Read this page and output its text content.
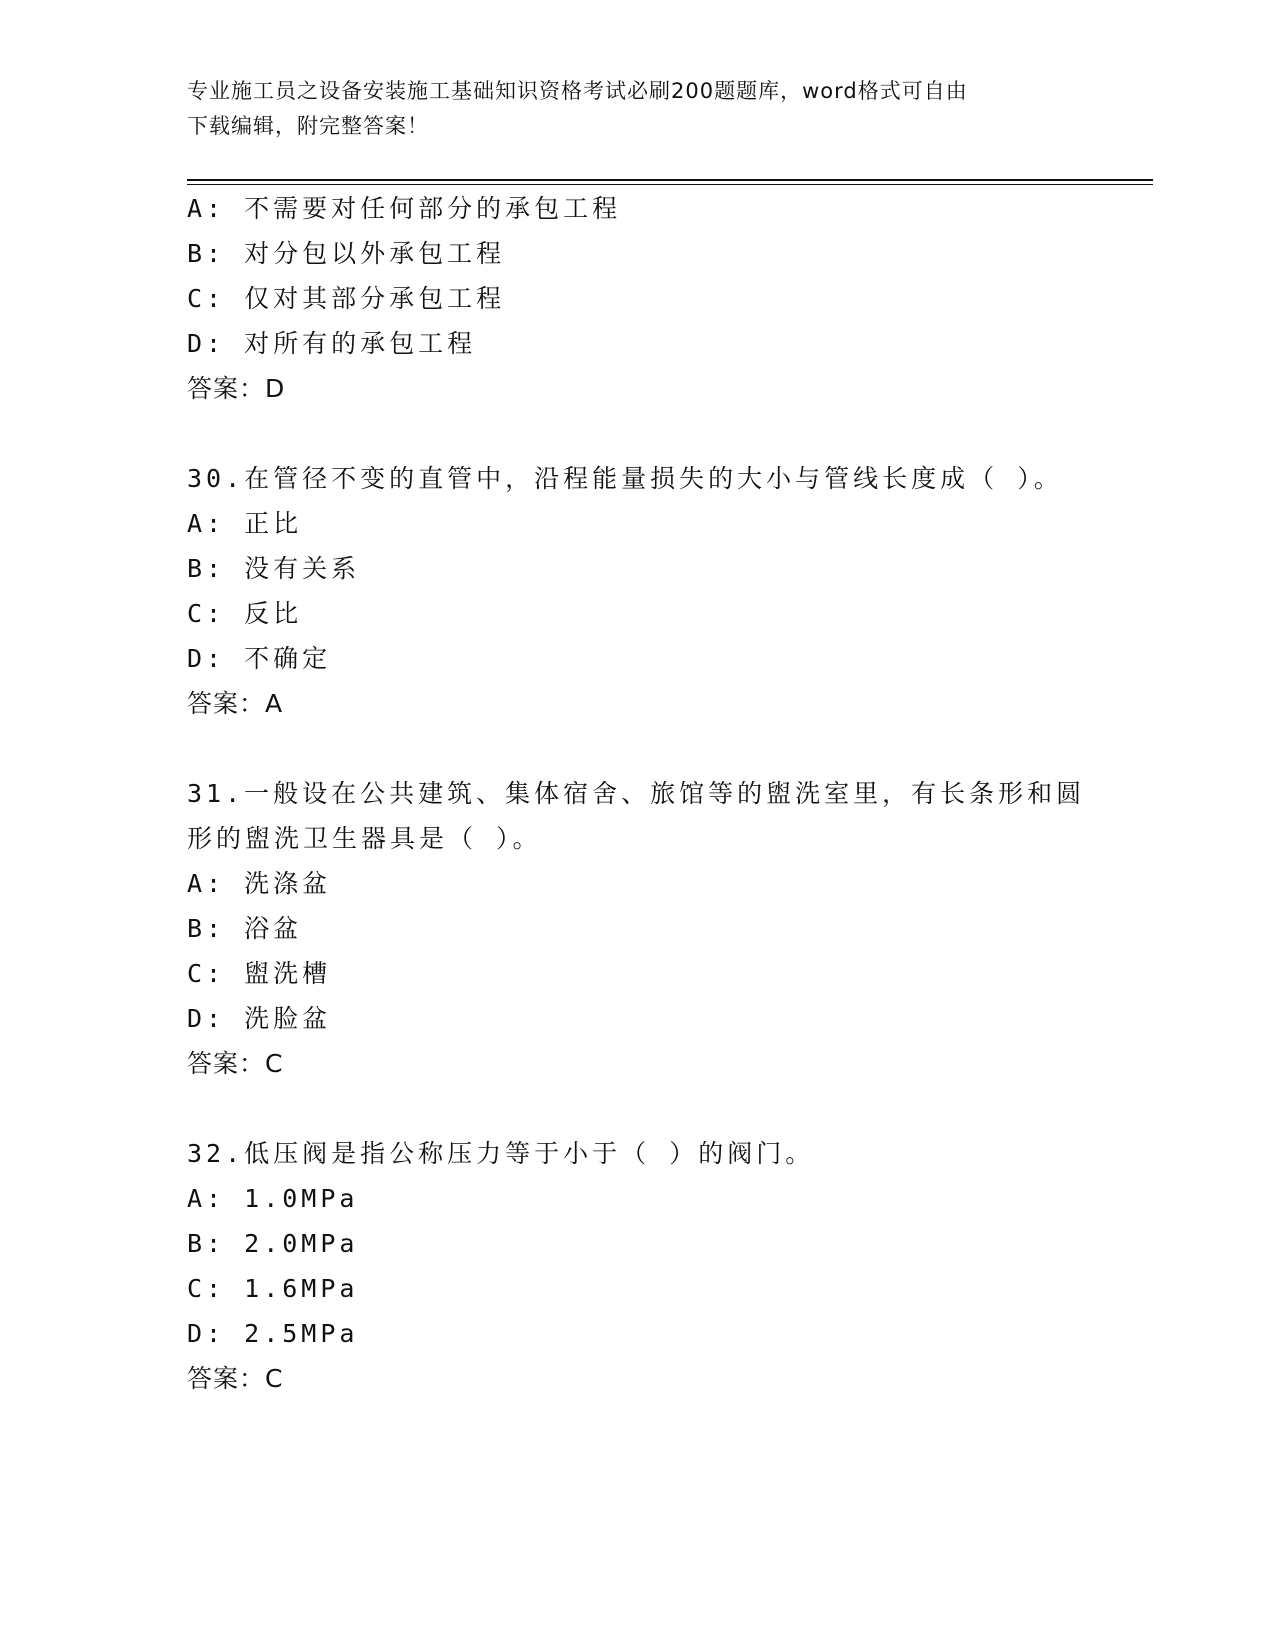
专业施工员之设备安装施工基础知识资格考试必刷200题题库，word格式可自由
下载编辑，附完整答案！
A: 不需要对任何部分的承包工程
B: 对分包以外承包工程
C: 仅对其部分承包工程
D: 对所有的承包工程
答案：D
30.在管径不变的直管中，沿程能量损失的大小与管线长度成（ ）。
A: 正比
B: 没有关系
C: 反比
D: 不确定
答案：A
31.一般设在公共建筑、集体宿舍、旅馆等的盥洗室里，有长条形和圆
形的盥洗卫生器具是（ ）。
A: 洗涤盆
B: 浴盆
C: 盥洗槽
D: 洗脸盆
答案：C
32.低压阀是指公称压力等于小于（ ）的阀门。
A: 1.0MPa
B: 2.0MPa
C: 1.6MPa
D: 2.5MPa
答案：C
